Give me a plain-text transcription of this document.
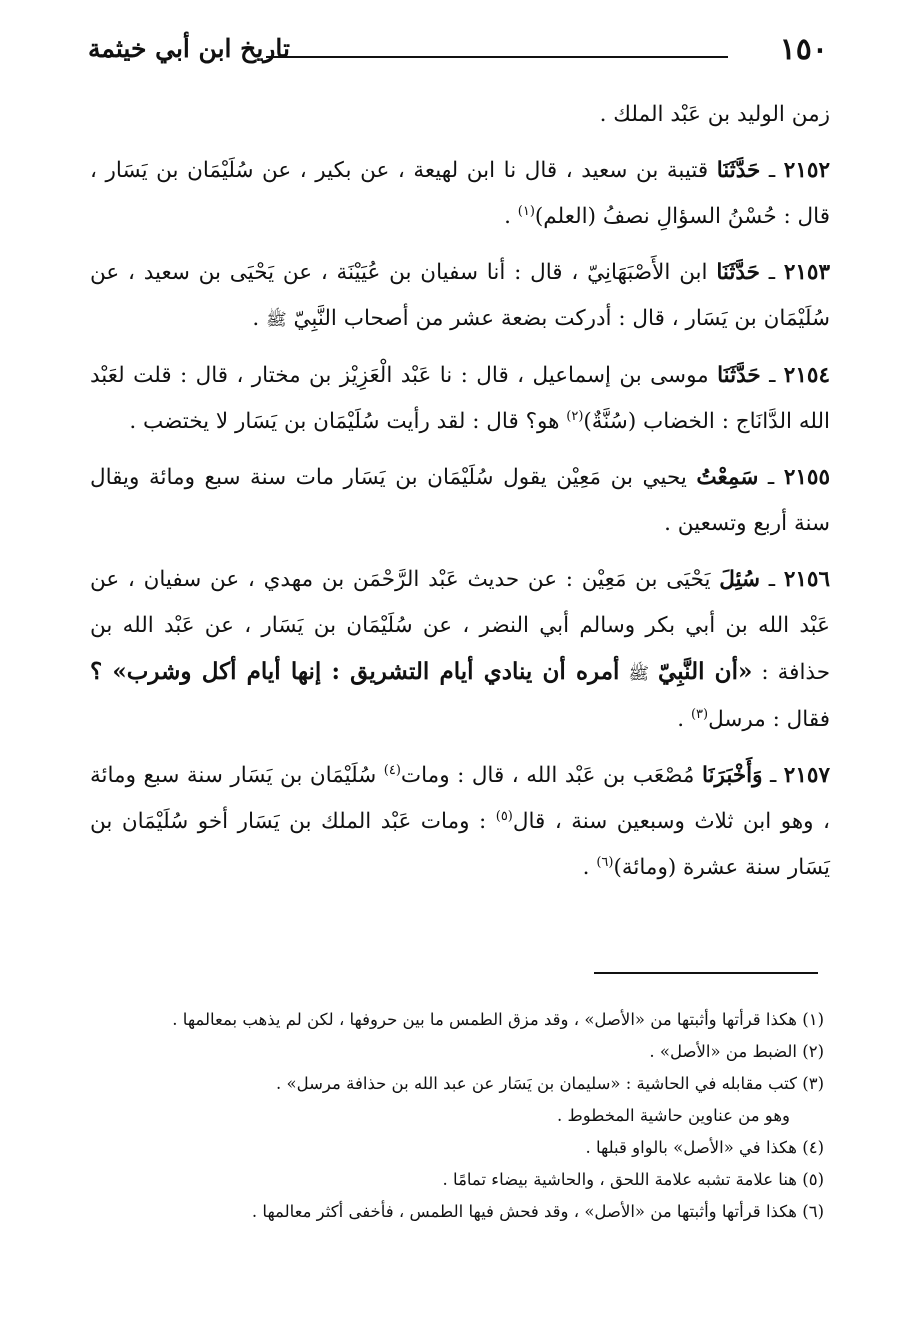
١٥٠
تاريخ ابن أبي خيثمة

زمن الوليد بن عَبْد الملك .

٢١٥٢ ـ حَدَّثَنَا قتيبة بن سعيد ، قال نا ابن لهيعة ، عن بكير ، عن سُلَيْمَان بن يَسَار ، قال : حُسْنُ السؤالِ نصفُ (العلم)$^{(١)}$ .

٢١٥٣ ـ حَدَّثَنَا ابن الأَصْبَهَانِيّ ، قال : أنا سفيان بن عُيَيْنَة ، عن يَحْيَى بن سعيد ، عن سُلَيْمَان بن يَسَار ، قال : أدركت بضعة عشر من أصحاب النَّبِيّ ﷺ .

٢١٥٤ ـ حَدَّثَنَا موسى بن إسماعيل ، قال : نا عَبْد الْعَزِيْز بن مختار ، قال : قلت لعَبْد الله الدَّانَاج : الخضاب (سُنَّةٌ)$^{(٢)}$ هو؟ قال : لقد رأيت سُلَيْمَان بن يَسَار لا يختضب .

٢١٥٥ ـ سَمِعْتُ يحيي بن مَعِيْن يقول سُلَيْمَان بن يَسَار مات سنة سبع ومائة ويقال سنة أربع وتسعين .

٢١٥٦ ـ سُئِلَ يَحْيَى بن مَعِيْن : عن حديث عَبْد الرَّحْمَن بن مهدي ، عن سفيان ، عن عَبْد الله بن أبي بكر وسالم أبي النضر ، عن سُلَيْمَان بن يَسَار ، عن عَبْد الله بن حذافة : «أن النَّبِيّ ﷺ أمره أن ينادي أيام التشريق : إنها أيام أكل وشرب» ؟ فقال : مرسل$^{(٣)}$ .

٢١٥٧ ـ وَأَخْبَرَنَا مُصْعَب بن عَبْد الله ، قال : ومات$^{(٤)}$ سُلَيْمَان بن يَسَار سنة سبع ومائة ، وهو ابن ثلاث وسبعين سنة ، قال$^{(٥)}$ : ومات عَبْد الملك بن يَسَار أخو سُلَيْمَان بن يَسَار سنة عشرة (ومائة)$^{(٦)}$ .

(١) هكذا قرأتها وأثبتها من «الأصل» ، وقد مزق الطمس ما بين حروفها ، لكن لم يذهب بمعالمها .

(٢) الضبط من «الأصل» .

(٣) كتب مقابله في الحاشية : «سليمان بن يَسَار عن عبد الله بن حذافة مرسل» .

وهو من عناوين حاشية المخطوط .

(٤) هكذا في «الأصل» بالواو قبلها .

(٥) هنا علامة تشبه علامة اللحق ، والحاشية بيضاء تمامًا .

(٦) هكذا قرأتها وأثبتها من «الأصل» ، وقد فحش فيها الطمس ، فأخفى أكثر معالمها .
